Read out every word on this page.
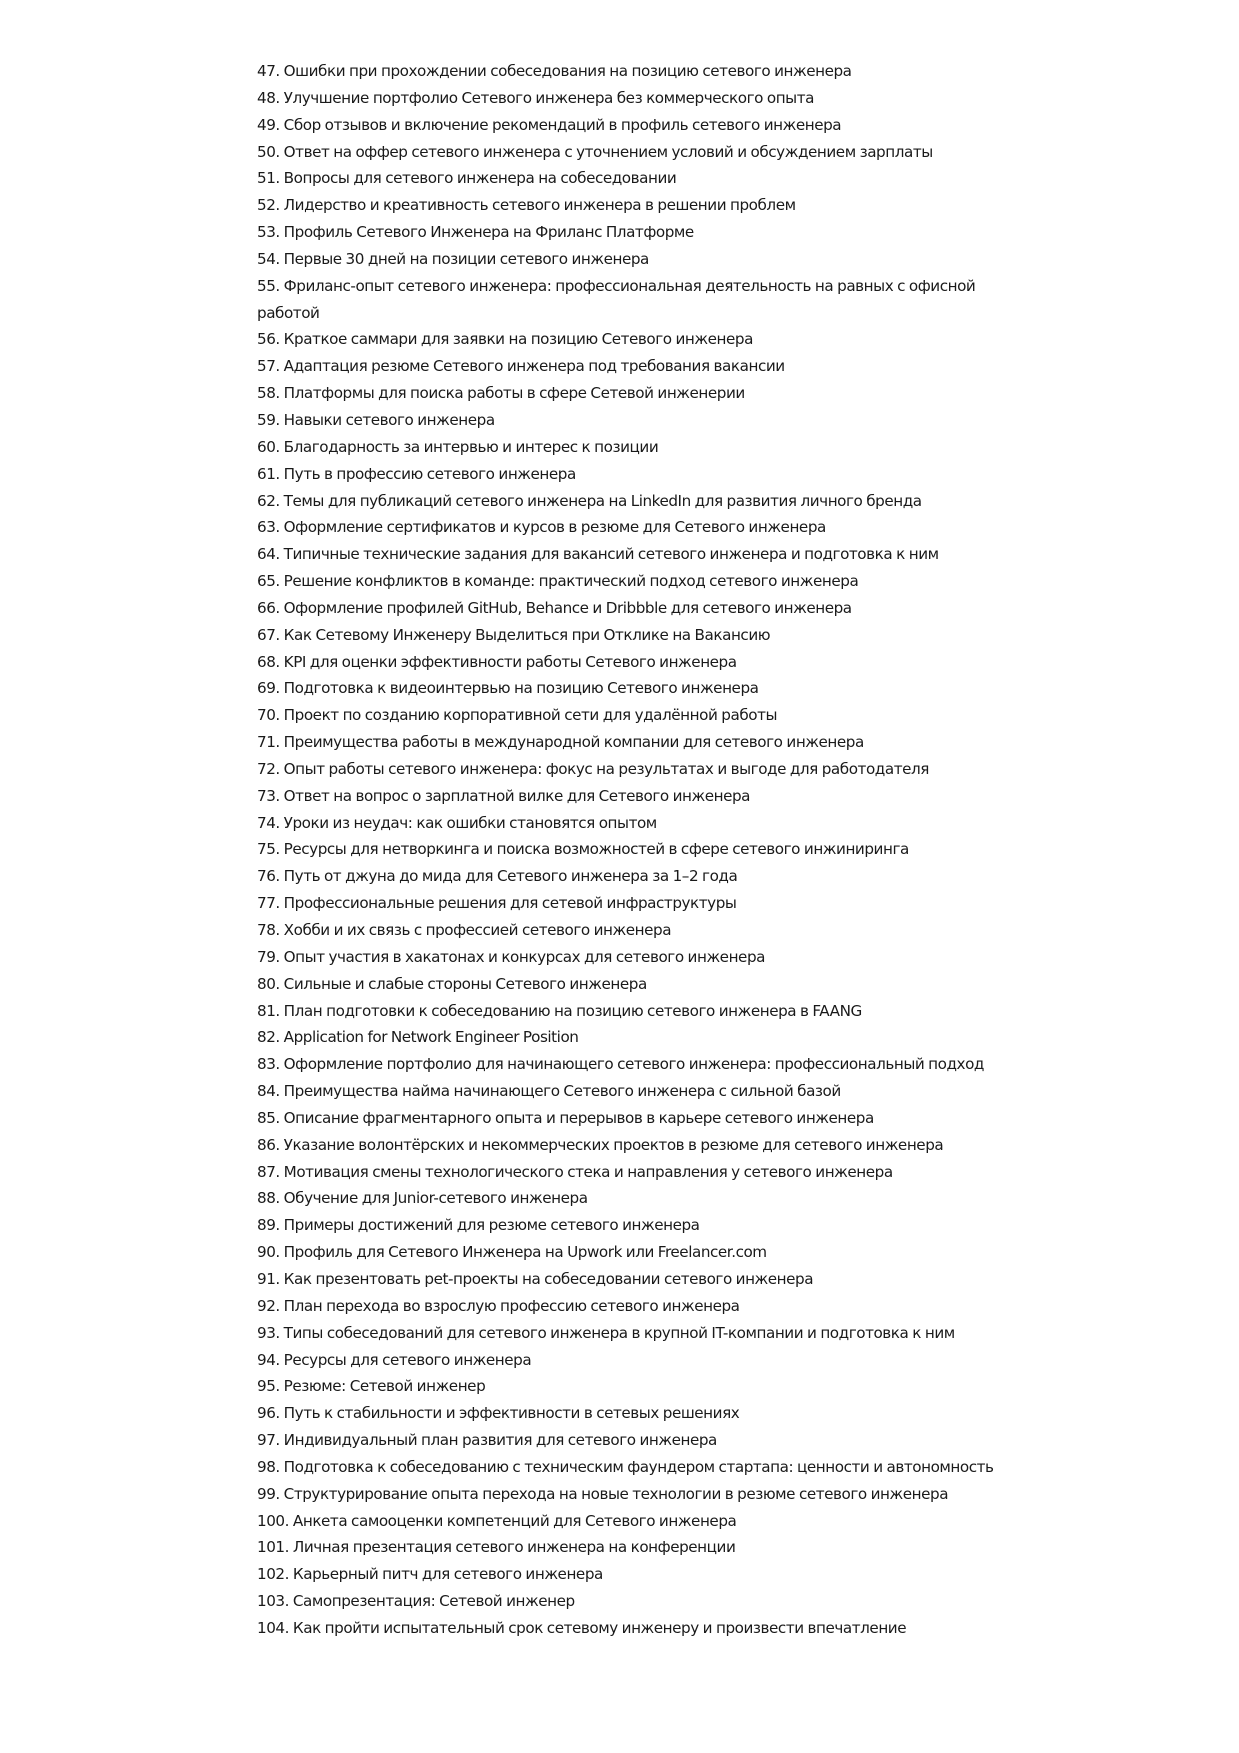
47. Ошибки при прохождении собеседования на позицию сетевого инженера
48. Улучшение портфолио Сетевого инженера без коммерческого опыта
49. Сбор отзывов и включение рекомендаций в профиль сетевого инженера
50. Ответ на оффер сетевого инженера с уточнением условий и обсуждением зарплаты
51. Вопросы для сетевого инженера на собеседовании
52. Лидерство и креативность сетевого инженера в решении проблем
53. Профиль Сетевого Инженера на Фриланс Платформе
54. Первые 30 дней на позиции сетевого инженера
55. Фриланс-опыт сетевого инженера: профессиональная деятельность на равных с офисной работой
56. Краткое саммари для заявки на позицию Сетевого инженера
57. Адаптация резюме Сетевого инженера под требования вакансии
58. Платформы для поиска работы в сфере Сетевой инженерии
59. Навыки сетевого инженера
60. Благодарность за интервью и интерес к позиции
61. Путь в профессию сетевого инженера
62. Темы для публикаций сетевого инженера на LinkedIn для развития личного бренда
63. Оформление сертификатов и курсов в резюме для Сетевого инженера
64. Типичные технические задания для вакансий сетевого инженера и подготовка к ним
65. Решение конфликтов в команде: практический подход сетевого инженера
66. Оформление профилей GitHub, Behance и Dribbble для сетевого инженера
67. Как Сетевому Инженеру Выделиться при Отклике на Вакансию
68. KPI для оценки эффективности работы Сетевого инженера
69. Подготовка к видеоинтервью на позицию Сетевого инженера
70. Проект по созданию корпоративной сети для удалённой работы
71. Преимущества работы в международной компании для сетевого инженера
72. Опыт работы сетевого инженера: фокус на результатах и выгоде для работодателя
73. Ответ на вопрос о зарплатной вилке для Сетевого инженера
74. Уроки из неудач: как ошибки становятся опытом
75. Ресурсы для нетворкинга и поиска возможностей в сфере сетевого инжиниринга
76. Путь от джуна до мида для Сетевого инженера за 1–2 года
77. Профессиональные решения для сетевой инфраструктуры
78. Хобби и их связь с профессией сетевого инженера
79. Опыт участия в хакатонах и конкурсах для сетевого инженера
80. Сильные и слабые стороны Сетевого инженера
81. План подготовки к собеседованию на позицию сетевого инженера в FAANG
82. Application for Network Engineer Position
83. Оформление портфолио для начинающего сетевого инженера: профессиональный подход
84. Преимущества найма начинающего Сетевого инженера с сильной базой
85. Описание фрагментарного опыта и перерывов в карьере сетевого инженера
86. Указание волонтёрских и некоммерческих проектов в резюме для сетевого инженера
87. Мотивация смены технологического стека и направления у сетевого инженера
88. Обучение для Junior-сетевого инженера
89. Примеры достижений для резюме сетевого инженера
90. Профиль для Сетевого Инженера на Upwork или Freelancer.com
91. Как презентовать pet-проекты на собеседовании сетевого инженера
92. План перехода во взрослую профессию сетевого инженера
93. Типы собеседований для сетевого инженера в крупной IT-компании и подготовка к ним
94. Ресурсы для сетевого инженера
95. Резюме: Сетевой инженер
96. Путь к стабильности и эффективности в сетевых решениях
97. Индивидуальный план развития для сетевого инженера
98. Подготовка к собеседованию с техническим фаундером стартапа: ценности и автономность
99. Структурирование опыта перехода на новые технологии в резюме сетевого инженера
100. Анкета самооценки компетенций для Сетевого инженера
101. Личная презентация сетевого инженера на конференции
102. Карьерный питч для сетевого инженера
103. Самопрезентация: Сетевой инженер
104. Как пройти испытательный срок сетевому инженеру и произвести впечатление
